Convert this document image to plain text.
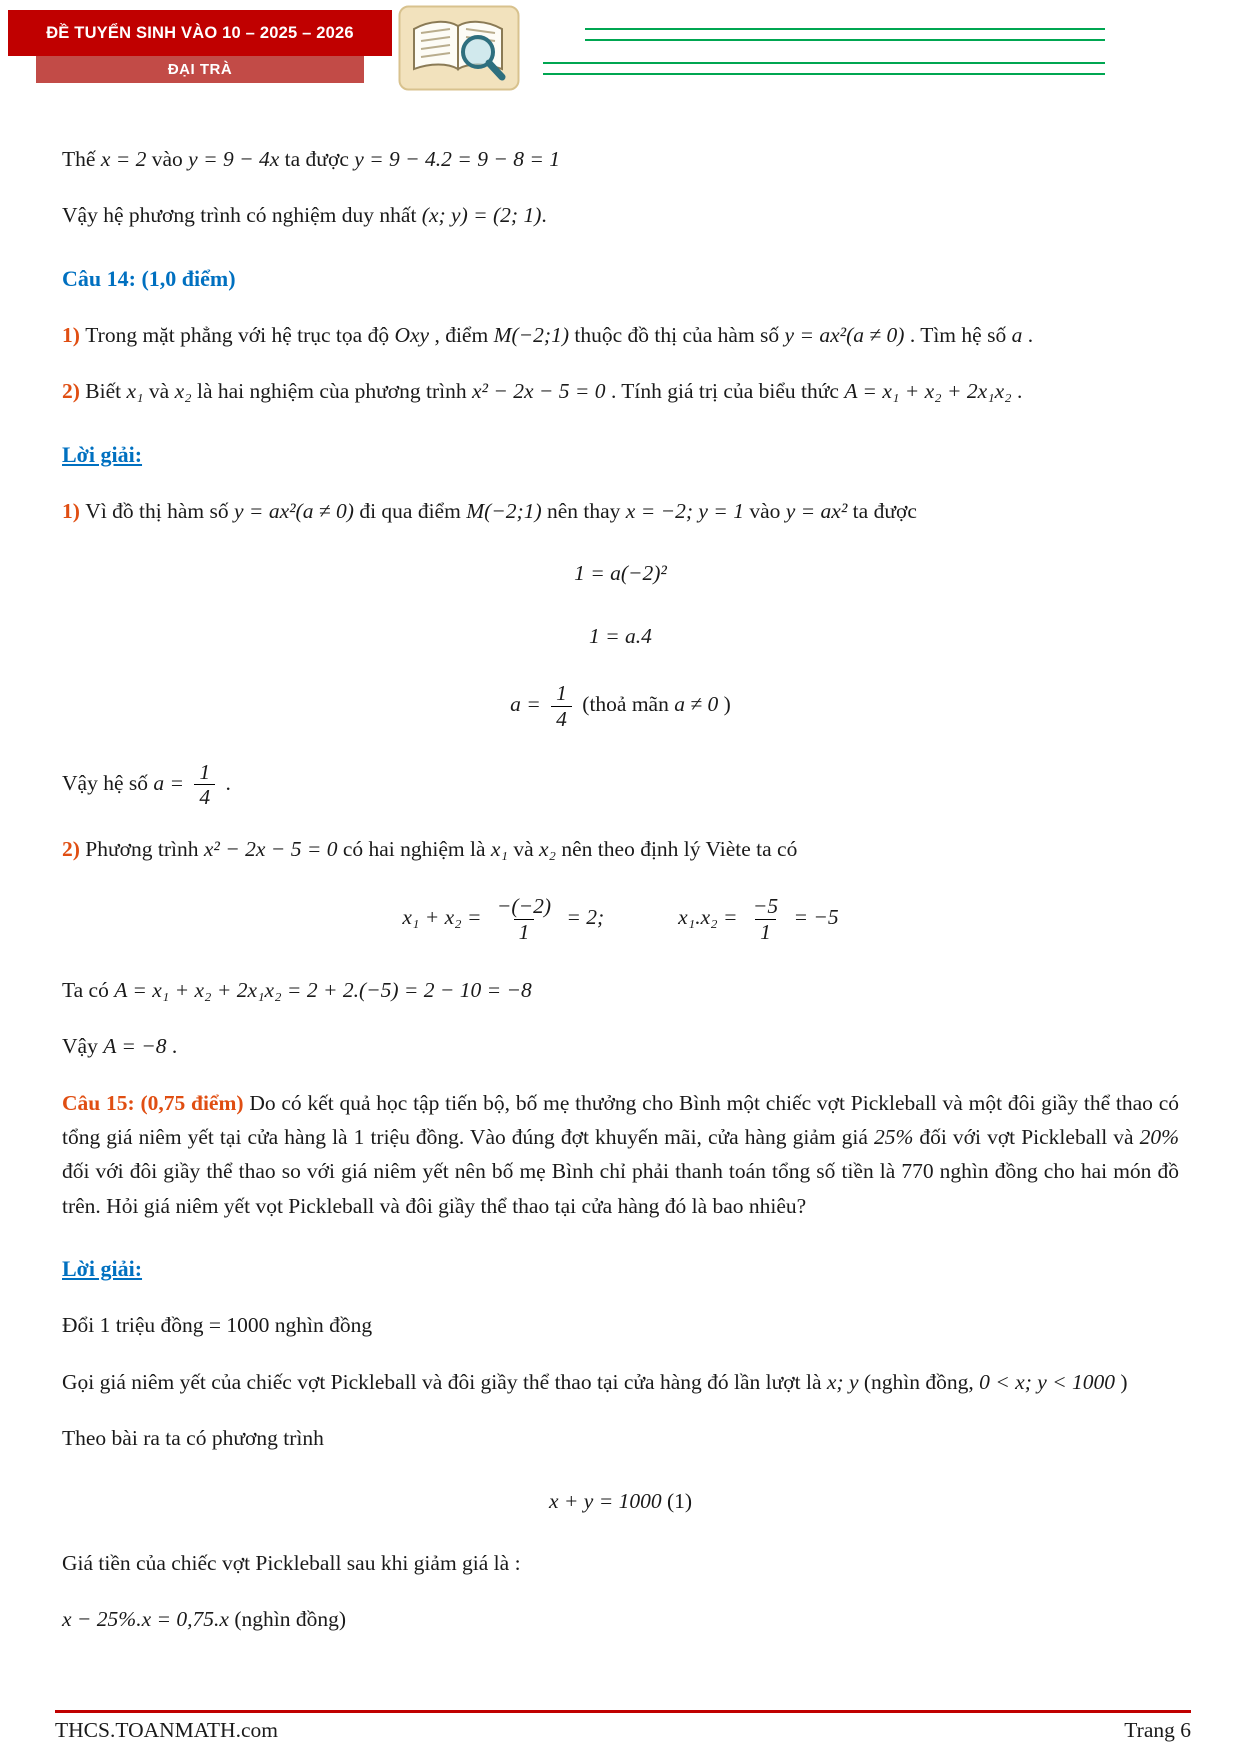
ĐỀ TUYỂN SINH VÀO 10 – 2025 – 2026
ĐẠI TRÀ

Thế x = 2 vào y = 9 − 4x ta được y = 9 − 4.2 = 9 − 8 = 1

Vậy hệ phương trình có nghiệm duy nhất (x; y) = (2; 1).

Câu 14: (1,0 điểm)

1) Trong mặt phẳng với hệ trục tọa độ Oxy , điểm M(−2;1) thuộc đồ thị của hàm số y = ax²(a ≠ 0) . Tìm hệ số a .

2) Biết x₁ và x₂ là hai nghiệm cùa phương trình x² − 2x − 5 = 0 . Tính giá trị của biểu thức A = x₁ + x₂ + 2x₁x₂ .

Lời giải:

1) Vì đồ thị hàm số y = ax²(a ≠ 0) đi qua điểm M(−2;1) nên thay x = −2; y = 1 vào y = ax² ta được

1 = a(−2)²
1 = a.4
$a = \frac{1}{4}$ (thoả mãn a ≠ 0 )

Vậy hệ số $a = \frac{1}{4}$ .

2) Phương trình x² − 2x − 5 = 0 có hai nghiệm là x₁ và x₂ nên theo định lý Viète ta có

$x_1 + x_2 = \frac{-(-2)}{1} = 2$;	$x_1.x_2 = \frac{-5}{1} = -5$

Ta có A = x₁ + x₂ + 2x₁x₂ = 2 + 2.(−5) = 2 − 10 = −8

Vậy A = −8 .

Câu 15: (0,75 điểm) Do có kết quả học tập tiến bộ, bố mẹ thưởng cho Bình một chiếc vợt Pickleball và một đôi giầy thể thao có tổng giá niêm yết tại cửa hàng là 1 triệu đồng. Vào đúng đợt khuyến mãi, cửa hàng giảm giá 25% đối với vợt Pickleball và 20% đối với đôi giầy thể thao so với giá niêm yết nên bố mẹ Bình chỉ phải thanh toán tổng số tiền là 770 nghìn đồng cho hai món đồ trên. Hỏi giá niêm yết vọt Pickleball và đôi giầy thể thao tại cửa hàng đó là bao nhiêu?

Lời giải:

Đổi 1 triệu đồng = 1000 nghìn đồng

Gọi giá niêm yết của chiếc vợt Pickleball và đôi giầy thể thao tại cửa hàng đó lần lượt là x; y (nghìn đồng, 0 < x; y < 1000 )

Theo bài ra ta có phương trình

x + y = 1000 (1)

Giá tiền của chiếc vợt Pickleball sau khi giảm giá là :

x − 25%.x = 0,75.x (nghìn đồng)

THCS.TOANMATH.com	Trang 6
